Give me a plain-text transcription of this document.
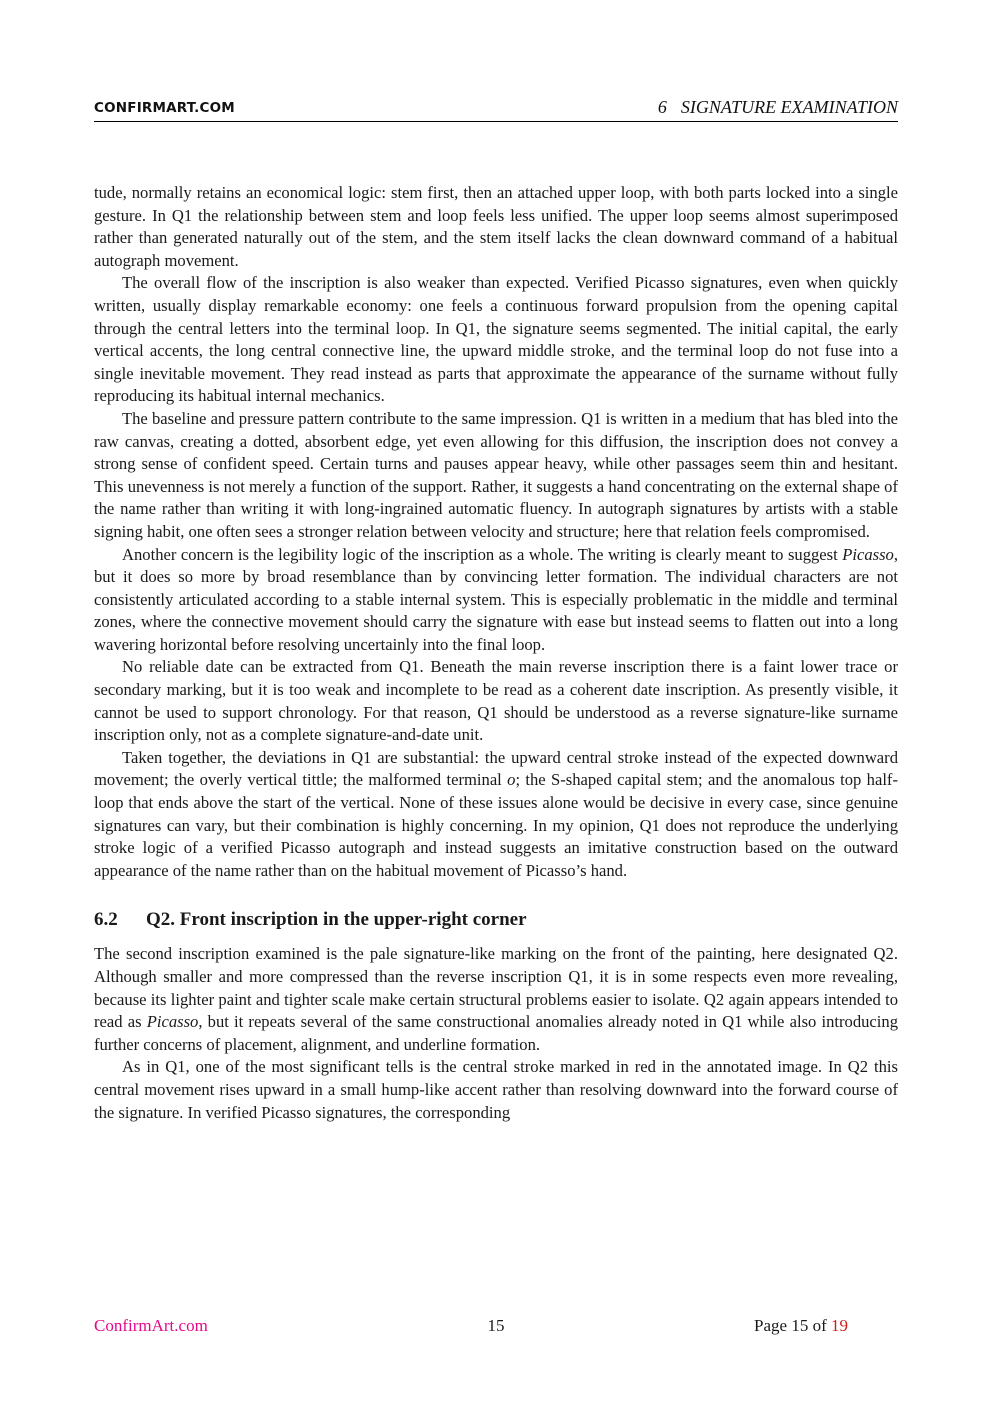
CONFIRMART.COM	6 SIGNATURE EXAMINATION

tude, normally retains an economical logic: stem first, then an attached upper loop, with both parts locked into a single gesture. In Q1 the relationship between stem and loop feels less unified. The upper loop seems almost superimposed rather than generated naturally out of the stem, and the stem itself lacks the clean downward command of a habitual autograph movement.

The overall flow of the inscription is also weaker than expected. Verified Picasso signatures, even when quickly written, usually display remarkable economy: one feels a continuous forward propulsion from the opening capital through the central letters into the terminal loop. In Q1, the signature seems segmented. The initial capital, the early vertical accents, the long central connective line, the upward middle stroke, and the terminal loop do not fuse into a single inevitable movement. They read instead as parts that approximate the appearance of the surname without fully reproducing its habitual internal mechanics.

The baseline and pressure pattern contribute to the same impression. Q1 is written in a medium that has bled into the raw canvas, creating a dotted, absorbent edge, yet even allowing for this diffusion, the inscription does not convey a strong sense of confident speed. Certain turns and pauses appear heavy, while other passages seem thin and hesitant. This unevenness is not merely a function of the support. Rather, it suggests a hand concentrating on the external shape of the name rather than writing it with long-ingrained automatic fluency. In autograph signatures by artists with a stable signing habit, one often sees a stronger relation between velocity and structure; here that relation feels compromised.

Another concern is the legibility logic of the inscription as a whole. The writing is clearly meant to suggest Picasso, but it does so more by broad resemblance than by convincing letter formation. The individual characters are not consistently articulated according to a stable internal system. This is especially problematic in the middle and terminal zones, where the connective movement should carry the signature with ease but instead seems to flatten out into a long wavering horizontal before resolving uncertainly into the final loop.

No reliable date can be extracted from Q1. Beneath the main reverse inscription there is a faint lower trace or secondary marking, but it is too weak and incomplete to be read as a coherent date inscription. As presently visible, it cannot be used to support chronology. For that reason, Q1 should be understood as a reverse signature-like surname inscription only, not as a complete signature-and-date unit.

Taken together, the deviations in Q1 are substantial: the upward central stroke instead of the expected downward movement; the overly vertical tittle; the malformed terminal o; the S-shaped capital stem; and the anomalous top half-loop that ends above the start of the vertical. None of these issues alone would be decisive in every case, since genuine signatures can vary, but their combination is highly concerning. In my opinion, Q1 does not reproduce the underlying stroke logic of a verified Picasso autograph and instead suggests an imitative construction based on the outward appearance of the name rather than on the habitual movement of Picasso’s hand.

6.2 Q2. Front inscription in the upper-right corner

The second inscription examined is the pale signature-like marking on the front of the painting, here designated Q2. Although smaller and more compressed than the reverse inscription Q1, it is in some respects even more revealing, because its lighter paint and tighter scale make certain structural problems easier to isolate. Q2 again appears intended to read as Picasso, but it repeats several of the same constructional anomalies already noted in Q1 while also introducing further concerns of placement, alignment, and underline formation.

As in Q1, one of the most significant tells is the central stroke marked in red in the annotated image. In Q2 this central movement rises upward in a small hump-like accent rather than resolving downward into the forward course of the signature. In verified Picasso signatures, the corresponding

ConfirmArt.com	15	Page 15 of 19
